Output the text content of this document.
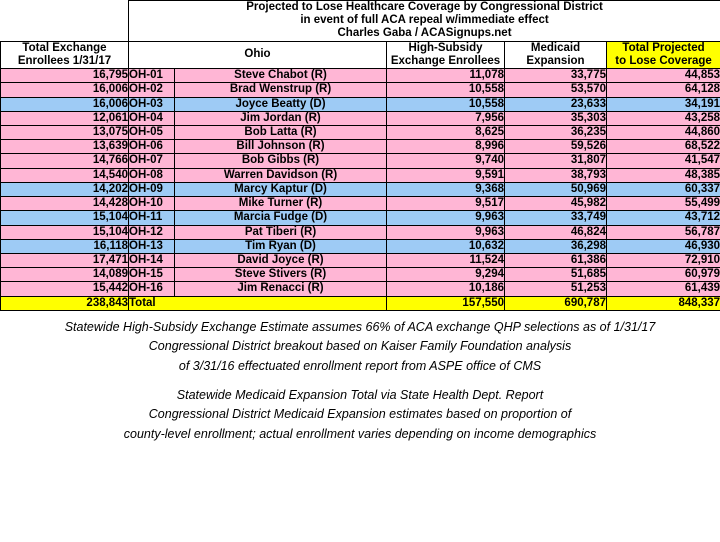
	Projected to Lose Healthcare Coverage by Congressional District
in event of full ACA repeal w/immediate effect
Charles Gaba / ACASignups.net				

Total Exchange
Enrollees 1/31/17
	Ohio	
High-Subsidy
Exchange Enrollees

Medicaid
Expansion

Total Projected
to Lose Coverage

16,795	OH-01	Steve Chabot (R)	11,078	33,775	44,853
16,006	OH-02	Brad Wenstrup (R)	10,558	53,570	64,128
16,006	OH-03	Joyce Beatty (D)	10,558	23,633	34,191
12,061	OH-04	Jim Jordan (R)	7,956	35,303	43,258
13,075	OH-05	Bob Latta (R)	8,625	36,235	44,860
13,639	OH-06	Bill Johnson (R)	8,996	59,526	68,522
14,766	OH-07	Bob Gibbs (R)	9,740	31,807	41,547
14,540	OH-08	Warren Davidson (R)	9,591	38,793	48,385
14,202	OH-09	Marcy Kaptur (D)	9,368	50,969	60,337
14,428	OH-10	Mike Turner (R)	9,517	45,982	55,499
15,104	OH-11	Marcia Fudge (D)	9,963	33,749	43,712
15,104	OH-12	Pat Tiberi (R)	9,963	46,824	56,787
16,118	OH-13	Tim Ryan (D)	10,632	36,298	46,930
17,471	OH-14	David Joyce (R)	11,524	61,386	72,910
14,089	OH-15	Steve Stivers (R)	9,294	51,685	60,979
15,442	OH-16	Jim Renacci (R)	10,186	51,253	61,439
238,843	Total		157,550	690,787	848,337
Statewide High-Subsidy Exchange Estimate assumes 66% of ACA exchange QHP selections as of 1/31/17
Congressional District breakout based on Kaiser Family Foundation analysis
of 3/31/16 effectuated enrollment report from ASPE office of CMS
Statewide Medicaid Expansion Total via State Health Dept. Report
Congressional District Medicaid Expansion estimates based on proportion of
county-level enrollment; actual enrollment varies depending on income demographics
